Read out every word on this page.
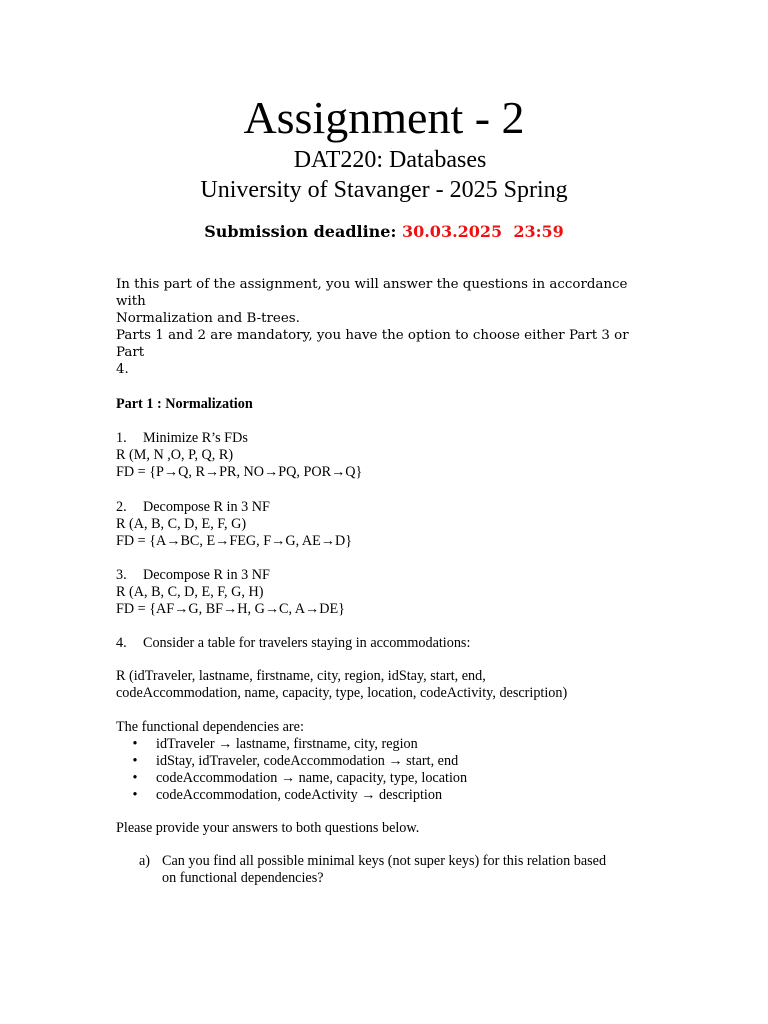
Assignment - 2
DAT220: Databases
University of Stavanger - 2025 Spring
Submission deadline: 30.03.2025  23:59
In this part of the assignment, you will answer the questions in accordance with
Normalization and B-trees.
Parts 1 and 2 are mandatory, you have the option to choose either Part 3 or Part
4.
Part 1 : Normalization
1. Minimize R’s FDs
R (M, N ,O, P, Q, R)
FD = {P→Q, R→PR, NO→PQ, POR→Q}
2. Decompose R in 3 NF
R (A, B, C, D, E, F, G)
FD = {A→BC, E→FEG, F→G, AE→D}
3. Decompose R in 3 NF
R (A, B, C, D, E, F, G, H)
FD = {AF→G, BF→H, G→C, A→DE}
4. Consider a table for travelers staying in accommodations:
R (idTraveler, lastname, firstname, city, region, idStay, start, end,
codeAccommodation, name, capacity, type, location, codeActivity, description)
The functional dependencies are:
• idTraveler → lastname, firstname, city, region
• idStay, idTraveler, codeAccommodation → start, end
• codeAccommodation → name, capacity, type, location
• codeAccommodation, codeActivity → description
Please provide your answers to both questions below.
a) Can you find all possible minimal keys (not super keys) for this relation based
on functional dependencies?
